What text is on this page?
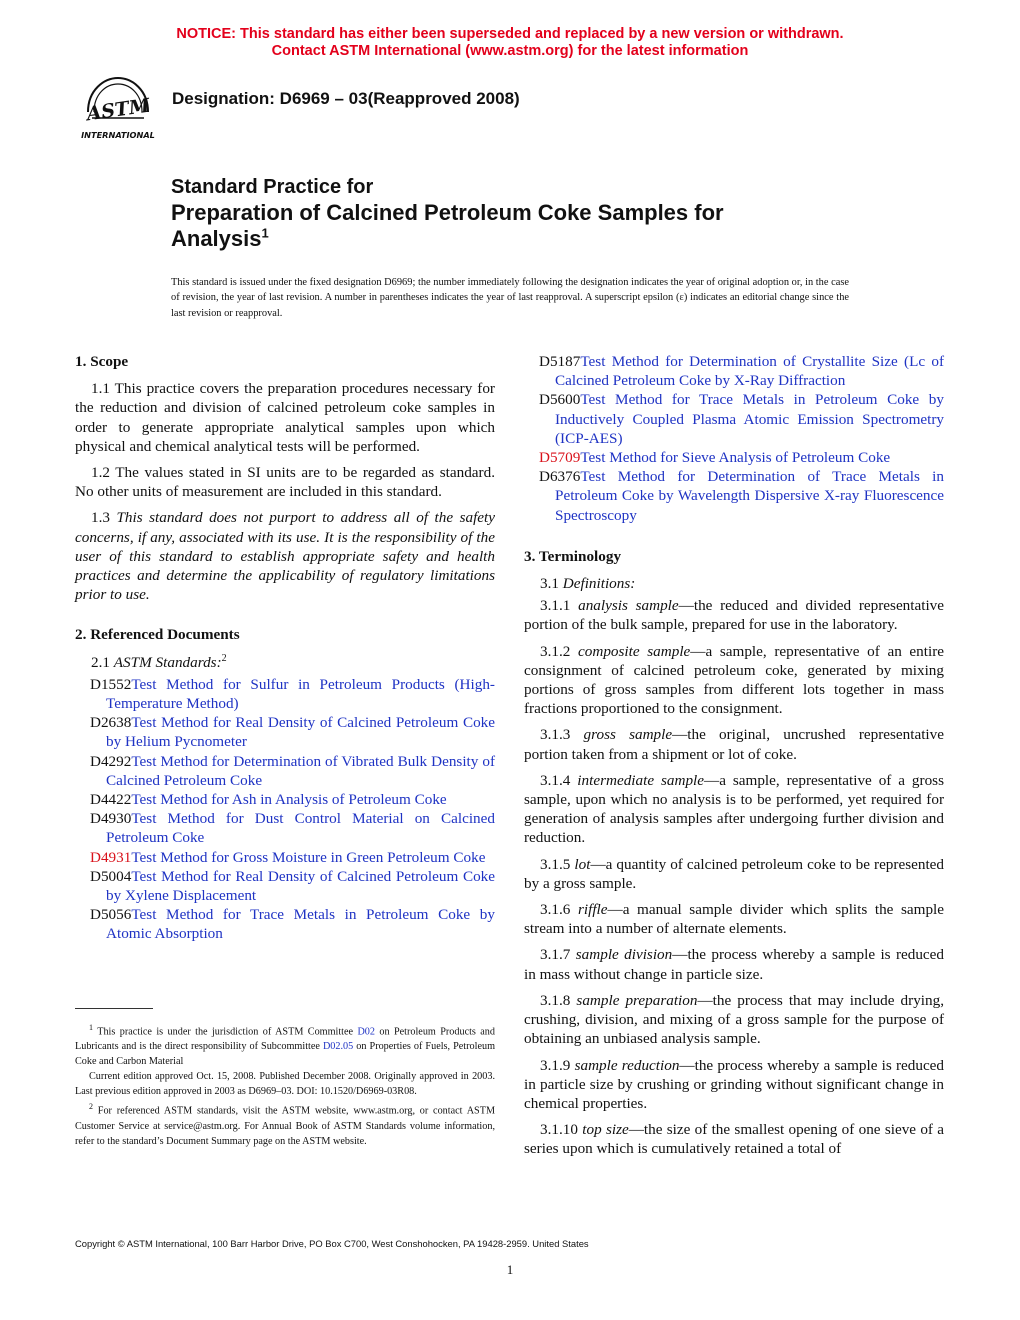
NOTICE: This standard has either been superseded and replaced by a new version or withdrawn.
Contact ASTM International (www.astm.org) for the latest information
ASTM
INTERNATIONAL
Designation: D6969 – 03(Reapproved 2008)
Standard Practice for
Preparation of Calcined Petroleum Coke Samples for
Analysis$^1$
This standard is issued under the fixed designation D6969; the number immediately following the designation indicates the year of original adoption or, in the case of revision, the year of last revision. A number in parentheses indicates the year of last reapproval. A superscript epsilon (ε) indicates an editorial change since the last revision or reapproval.
1. Scope

1.1 This practice covers the preparation procedures necessary for the reduction and division of calcined petroleum coke samples in order to generate appropriate analytical samples upon which physical and chemical analytical tests will be performed.

1.2 The values stated in SI units are to be regarded as standard. No other units of measurement are included in this standard.

1.3 This standard does not purport to address all of the safety concerns, if any, associated with its use. It is the responsibility of the user of this standard to establish appropriate safety and health practices and determine the applicability of regulatory limitations prior to use.

2. Referenced Documents

2.1 ASTM Standards:$^2$

D1552Test Method for Sulfur in Petroleum Products (High-Temperature Method)

D2638Test Method for Real Density of Calcined Petroleum Coke by Helium Pycnometer

D4292Test Method for Determination of Vibrated Bulk Density of Calcined Petroleum Coke

D4422Test Method for Ash in Analysis of Petroleum Coke

D4930Test Method for Dust Control Material on Calcined Petroleum Coke

D4931Test Method for Gross Moisture in Green Petroleum Coke

D5004Test Method for Real Density of Calcined Petroleum Coke by Xylene Displacement

D5056Test Method for Trace Metals in Petroleum Coke by Atomic Absorption

D5187Test Method for Determination of Crystallite Size (Lc of Calcined Petroleum Coke by X-Ray Diffraction

D5600Test Method for Trace Metals in Petroleum Coke by Inductively Coupled Plasma Atomic Emission Spectrometry (ICP-AES)

D5709Test Method for Sieve Analysis of Petroleum Coke

D6376Test Method for Determination of Trace Metals in Petroleum Coke by Wavelength Dispersive X-ray Fluorescence Spectroscopy

3. Terminology

3.1 Definitions:

3.1.1 analysis sample—the reduced and divided representative portion of the bulk sample, prepared for use in the laboratory.

3.1.2 composite sample—a sample, representative of an entire consignment of calcined petroleum coke, generated by mixing portions of gross samples from different lots together in mass fractions proportioned to the consignment.

3.1.3 gross sample—the original, uncrushed representative portion taken from a shipment or lot of coke.

3.1.4 intermediate sample—a sample, representative of a gross sample, upon which no analysis is to be performed, yet required for generation of analysis samples after undergoing further division and reduction.

3.1.5 lot—a quantity of calcined petroleum coke to be represented by a gross sample.

3.1.6 riffle—a manual sample divider which splits the sample stream into a number of alternate elements.

3.1.7 sample division—the process whereby a sample is reduced in mass without change in particle size.

3.1.8 sample preparation—the process that may include drying, crushing, division, and mixing of a gross sample for the purpose of obtaining an unbiased analysis sample.

3.1.9 sample reduction—the process whereby a sample is reduced in particle size by crushing or grinding without significant change in chemical properties.

3.1.10 top size—the size of the smallest opening of one sieve of a series upon which is cumulatively retained a total of

$^1$ This practice is under the jurisdiction of ASTM Committee D02 on Petroleum Products and Lubricants and is the direct responsibility of Subcommittee D02.05 on Properties of Fuels, Petroleum Coke and Carbon Material

Current edition approved Oct. 15, 2008. Published December 2008. Originally approved in 2003. Last previous edition approved in 2003 as D6969–03. DOI: 10.1520/D6969-03R08.

$^2$ For referenced ASTM standards, visit the ASTM website, www.astm.org, or contact ASTM Customer Service at service@astm.org. For Annual Book of ASTM Standards volume information, refer to the standard’s Document Summary page on the ASTM website.

Copyright © ASTM International, 100 Barr Harbor Drive, PO Box C700, West Conshohocken, PA 19428-2959. United States
1
